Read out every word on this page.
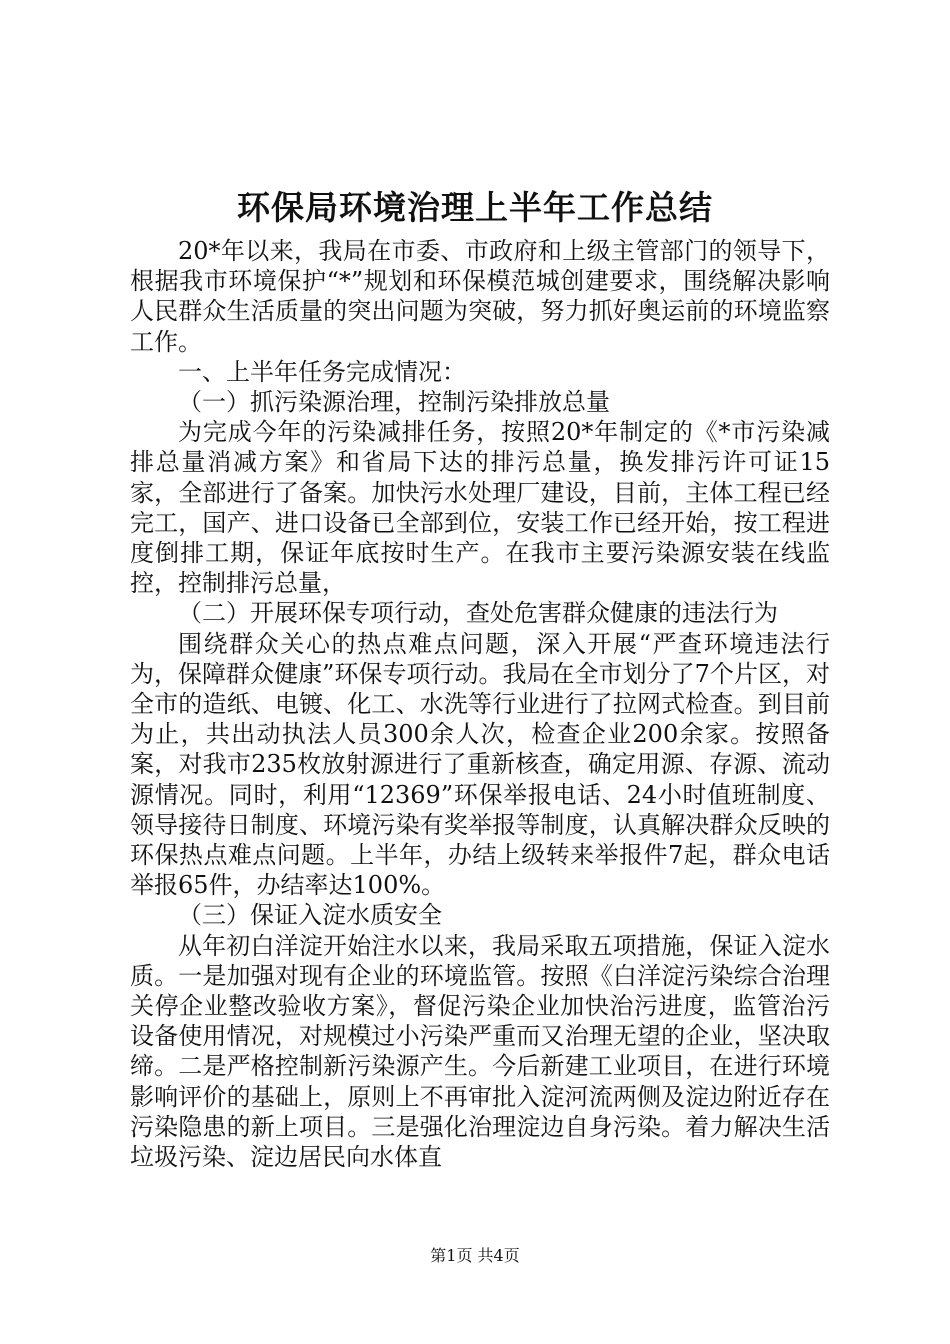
环保局环境治理上半年工作总结

20*年以来，我局在市委、市政府和上级主管部门的领导下，根据我市环境保护“*”规划和环保模范城创建要求，围绕解决影响人民群众生活质量的突出问题为突破，努力抓好奥运前的环境监察工作。

一、上半年任务完成情况：

（一）抓污染源治理，控制污染排放总量

为完成今年的污染减排任务，按照20*年制定的《*市污染减排总量消减方案》和省局下达的排污总量，换发排污许可证15家，全部进行了备案。加快污水处理厂建设，目前，主体工程已经完工，国产、进口设备已全部到位，安装工作已经开始，按工程进度倒排工期，保证年底按时生产。在我市主要污染源安装在线监控，控制排污总量，

（二）开展环保专项行动，查处危害群众健康的违法行为

围绕群众关心的热点难点问题，深入开展“严查环境违法行为，保障群众健康”环保专项行动。我局在全市划分了7个片区，对全市的造纸、电镀、化工、水洗等行业进行了拉网式检查。到目前为止，共出动执法人员300余人次，检查企业200余家。按照备案，对我市235枚放射源进行了重新核查，确定用源、存源、流动源情况。同时，利用“12369”环保举报电话、24小时值班制度、领导接待日制度、环境污染有奖举报等制度，认真解决群众反映的环保热点难点问题。上半年，办结上级转来举报件7起，群众电话举报65件，办结率达100%。

（三）保证入淀水质安全

从年初白洋淀开始注水以来，我局采取五项措施，保证入淀水质。一是加强对现有企业的环境监管。按照《白洋淀污染综合治理关停企业整改验收方案》，督促污染企业加快治污进度，监管治污设备使用情况，对规模过小污染严重而又治理无望的企业，坚决取缔。二是严格控制新污染源产生。今后新建工业项目，在进行环境影响评价的基础上，原则上不再审批入淀河流两侧及淀边附近存在污染隐患的新上项目。三是强化治理淀边自身污染。着力解决生活垃圾污染、淀边居民向水体直

第1页 共4页
